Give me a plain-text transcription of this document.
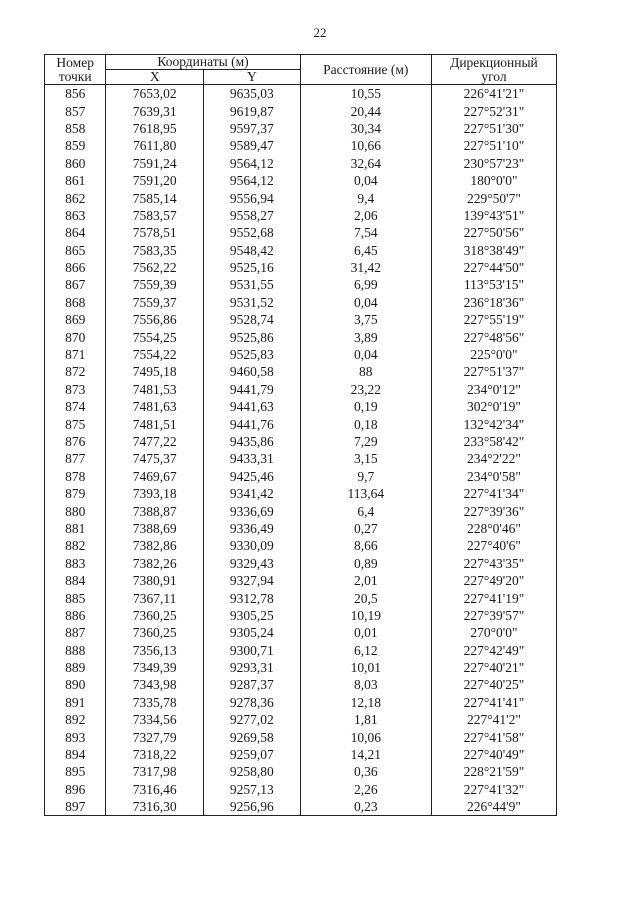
22
Номер
точки	Координаты (м)		Расстояние (м)	Дирекционный
угол
	X	Y		
856	7653,02	9635,03	10,55	226°41'21"
857	7639,31	9619,87	20,44	227°52'31"
858	7618,95	9597,37	30,34	227°51'30"
859	7611,80	9589,47	10,66	227°51'10"
860	7591,24	9564,12	32,64	230°57'23"
861	7591,20	9564,12	0,04	180°0'0"
862	7585,14	9556,94	9,4	229°50'7"
863	7583,57	9558,27	2,06	139°43'51"
864	7578,51	9552,68	7,54	227°50'56"
865	7583,35	9548,42	6,45	318°38'49"
866	7562,22	9525,16	31,42	227°44'50"
867	7559,39	9531,55	6,99	113°53'15"
868	7559,37	9531,52	0,04	236°18'36"
869	7556,86	9528,74	3,75	227°55'19"
870	7554,25	9525,86	3,89	227°48'56"
871	7554,22	9525,83	0,04	225°0'0"
872	7495,18	9460,58	88	227°51'37"
873	7481,53	9441,79	23,22	234°0'12"
874	7481,63	9441,63	0,19	302°0'19"
875	7481,51	9441,76	0,18	132°42'34"
876	7477,22	9435,86	7,29	233°58'42"
877	7475,37	9433,31	3,15	234°2'22"
878	7469,67	9425,46	9,7	234°0'58"
879	7393,18	9341,42	113,64	227°41'34"
880	7388,87	9336,69	6,4	227°39'36"
881	7388,69	9336,49	0,27	228°0'46"
882	7382,86	9330,09	8,66	227°40'6"
883	7382,26	9329,43	0,89	227°43'35"
884	7380,91	9327,94	2,01	227°49'20"
885	7367,11	9312,78	20,5	227°41'19"
886	7360,25	9305,25	10,19	227°39'57"
887	7360,25	9305,24	0,01	270°0'0"
888	7356,13	9300,71	6,12	227°42'49"
889	7349,39	9293,31	10,01	227°40'21"
890	7343,98	9287,37	8,03	227°40'25"
891	7335,78	9278,36	12,18	227°41'41"
892	7334,56	9277,02	1,81	227°41'2"
893	7327,79	9269,58	10,06	227°41'58"
894	7318,22	9259,07	14,21	227°40'49"
895	7317,98	9258,80	0,36	228°21'59"
896	7316,46	9257,13	2,26	227°41'32"
897	7316,30	9256,96	0,23	226°44'9"
